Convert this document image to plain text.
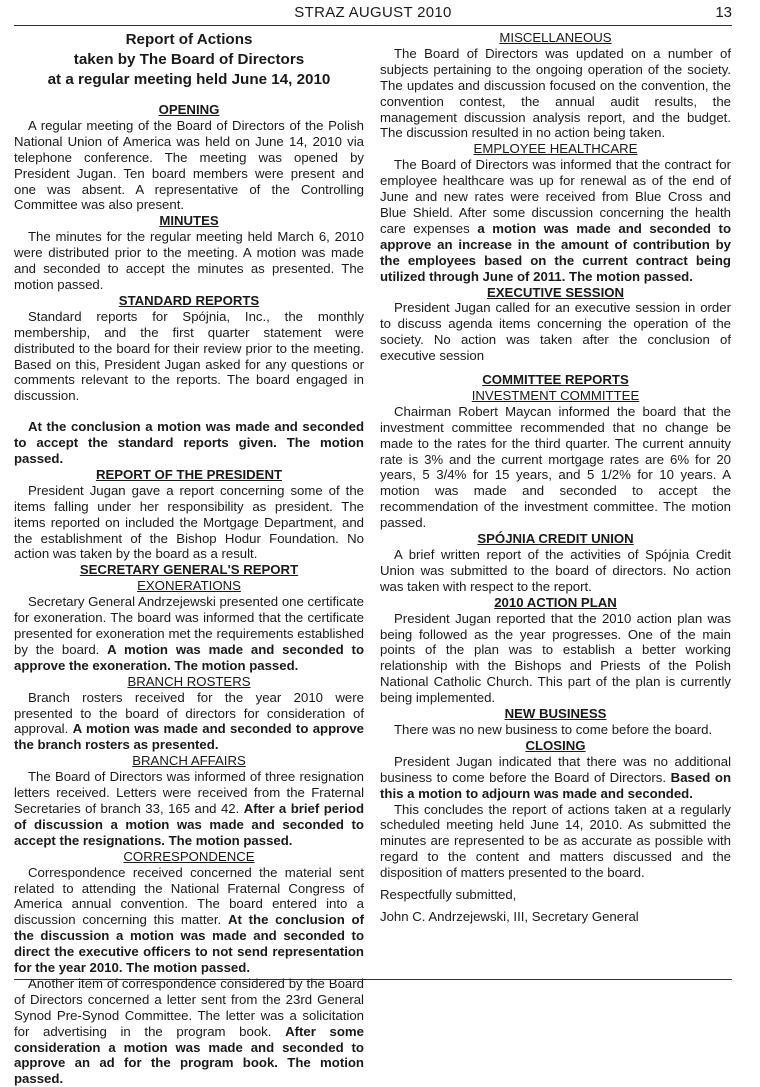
STRAZ AUGUST 2010	13
Report of Actions
taken by The Board of Directors
at a regular meeting held June 14, 2010
OPENING

A regular meeting of the Board of Directors of the Polish National Union of America was held on June 14, 2010 via telephone conference. The meeting was opened by President Jugan. Ten board members were present and one was absent. A representative of the Controlling Committee was also present.

MINUTES

The minutes for the regular meeting held March 6, 2010 were distributed prior to the meeting. A motion was made and seconded to accept the minutes as presented. The motion passed.

STANDARD REPORTS

Standard reports for Spójnia, Inc., the monthly membership, and the first quarter statement were distributed to the board for their review prior to the meeting. Based on this, President Jugan asked for any questions or comments relevant to the reports. The board engaged in discussion.

At the conclusion a motion was made and seconded to accept the standard reports given. The motion passed.

REPORT OF THE PRESIDENT

President Jugan gave a report concerning some of the items falling under her responsibility as president. The items reported on included the Mortgage Department, and the establishment of the Bishop Hodur Foundation. No action was taken by the board as a result.

SECRETARY GENERAL'S REPORT
EXONERATIONS

Secretary General Andrzejewski presented one certificate for exoneration. The board was informed that the certificate presented for exoneration met the requirements established by the board. A motion was made and seconded to approve the exoneration. The motion passed.

BRANCH ROSTERS

Branch rosters received for the year 2010 were presented to the board of directors for consideration of approval. A motion was made and seconded to approve the branch rosters as presented.

BRANCH AFFAIRS

The Board of Directors was informed of three resignation letters received. Letters were received from the Fraternal Secretaries of branch 33, 165 and 42. After a brief period of discussion a motion was made and seconded to accept the resignations. The motion passed.

CORRESPONDENCE

Correspondence received concerned the material sent related to attending the National Fraternal Congress of America annual convention. The board entered into a discussion concerning this matter. At the conclusion of the discussion a motion was made and seconded to direct the executive officers to not send representation for the year 2010. The motion passed.

Another item of correspondence considered by the Board of Directors concerned a letter sent from the 23rd General Synod Pre-Synod Committee. The letter was a solicitation for advertising in the program book. After some consideration a motion was made and seconded to approve an ad for the program book. The motion passed.

MISCELLANEOUS

The Board of Directors was updated on a number of subjects pertaining to the ongoing operation of the society. The updates and discussion focused on the convention, the convention contest, the annual audit results, the management discussion analysis report, and the budget. The discussion resulted in no action being taken.

EMPLOYEE HEALTHCARE

The Board of Directors was informed that the contract for employee healthcare was up for renewal as of the end of June and new rates were received from Blue Cross and Blue Shield. After some discussion concerning the health care expenses a motion was made and seconded to approve an increase in the amount of contribution by the employees based on the current contract being utilized through June of 2011. The motion passed.

EXECUTIVE SESSION

President Jugan called for an executive session in order to discuss agenda items concerning the operation of the society. No action was taken after the conclusion of executive session

COMMITTEE REPORTS
INVESTMENT COMMITTEE

Chairman Robert Maycan informed the board that the investment committee recommended that no change be made to the rates for the third quarter. The current annuity rate is 3% and the current mortgage rates are 6% for 20 years, 5 3/4% for 15 years, and 5 1/2% for 10 years. A motion was made and seconded to accept the recommendation of the investment committee. The motion passed.

SPÓJNIA CREDIT UNION

A brief written report of the activities of Spójnia Credit Union was submitted to the board of directors. No action was taken with respect to the report.

2010 ACTION PLAN

President Jugan reported that the 2010 action plan was being followed as the year progresses. One of the main points of the plan was to establish a better working relationship with the Bishops and Priests of the Polish National Catholic Church. This part of the plan is currently being implemented.

NEW BUSINESS

There was no new business to come before the board.

CLOSING

President Jugan indicated that there was no additional business to come before the Board of Directors. Based on this a motion to adjourn was made and seconded.

This concludes the report of actions taken at a regularly scheduled meeting held June 14, 2010. As submitted the minutes are represented to be as accurate as possible with regard to the content and matters discussed and the disposition of matters presented to the board.

Respectfully submitted,

John C. Andrzejewski, III, Secretary General
